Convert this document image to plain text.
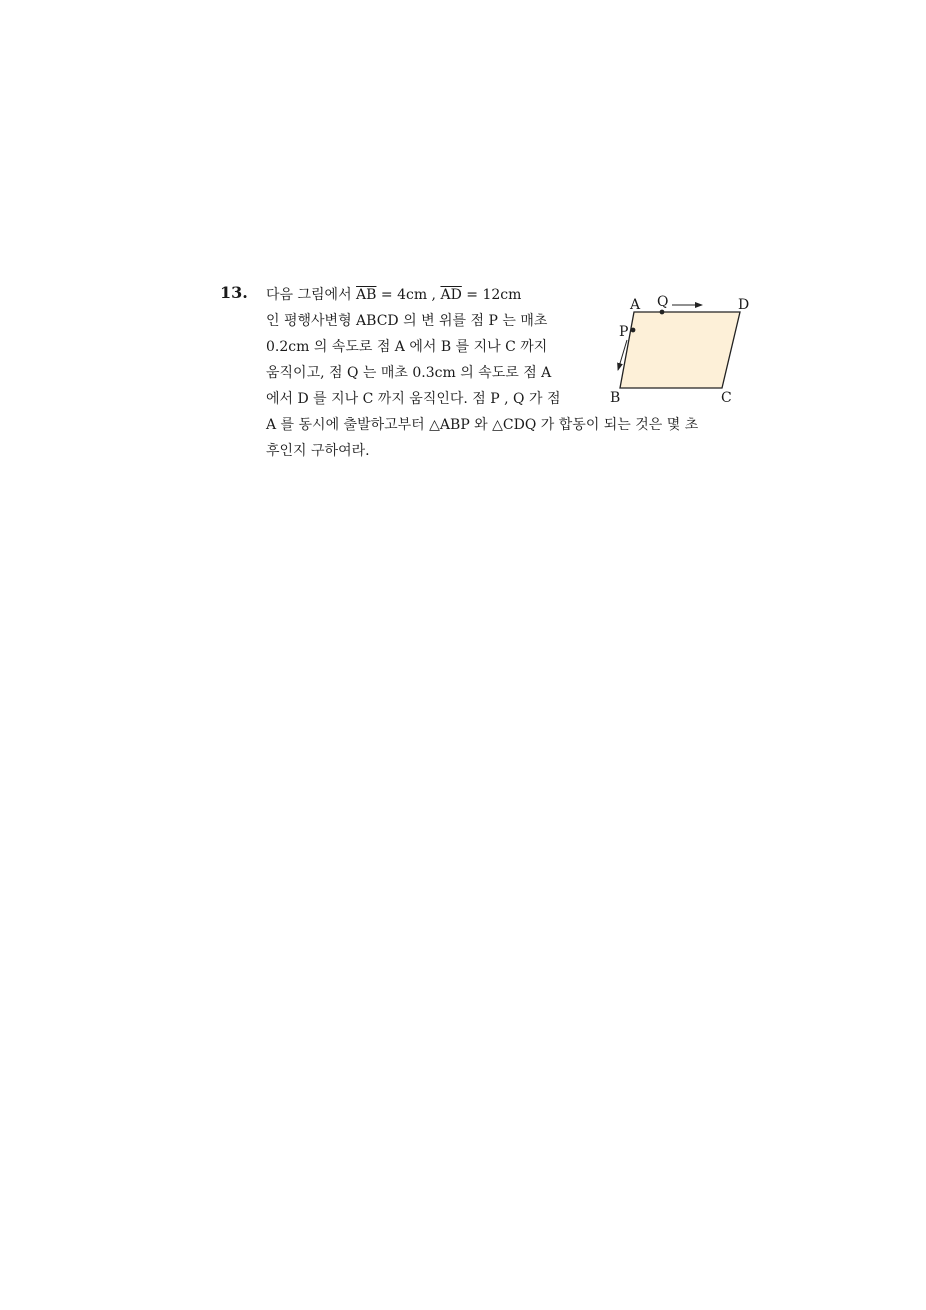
13. 다음 그림에서 $\overline{AB} = 4cm$ , $\overline{AD} = 12cm$
인 평행사변형 ABCD 의 변 위를 점 P 는 매초
0.2cm 의 속도로 점 A 에서 B 를 지나 C 까지
움직이고, 점 Q 는 매초 0.3cm 의 속도로 점 A
에서 D 를 지나 C 까지 움직인다. 점 P , Q 가 점
A 를 동시에 출발하고부터 △ABP 와 △CDQ 가 합동이 되는 것은 몇 초
후인지 구하여라.
A Q	D
P
B	C
